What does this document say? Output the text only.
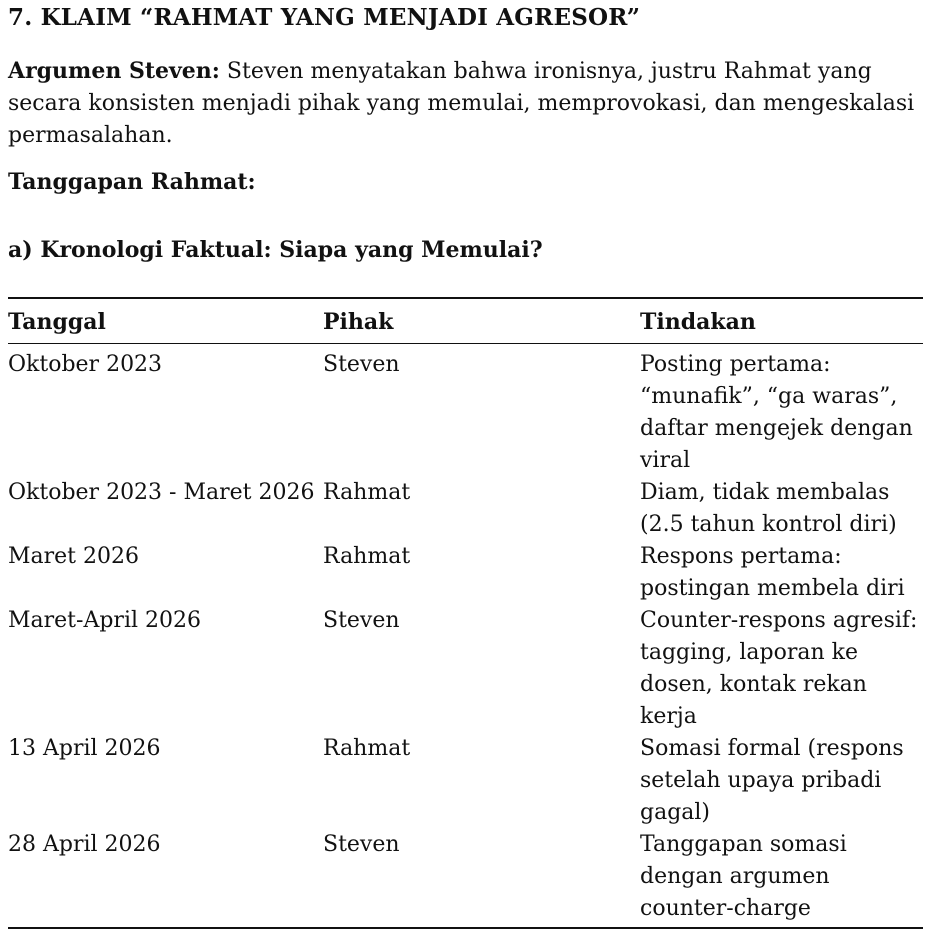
7. KLAIM “RAHMAT YANG MENJADI AGRESOR”

Argumen Steven: Steven menyatakan bahwa ironisnya, justru Rahmat yang secara konsisten menjadi pihak yang memulai, memprovokasi, dan mengeskalasi permasalahan.

Tanggapan Rahmat:

a) Kronologi Faktual: Siapa yang Memulai?
Tanggal	Pihak	Tindakan
Oktober 2023	Steven	Posting pertama: “munafik”, “ga waras”, daftar mengejek dengan viral
Oktober 2023 - Maret 2026	Rahmat	Diam, tidak membalas (2.5 tahun kontrol diri)
Maret 2026	Rahmat	Respons pertama: postingan membela diri
Maret-April 2026	Steven	Counter-respons agresif: tagging, laporan ke dosen, kontak rekan kerja
13 April 2026	Rahmat	Somasi formal (respons setelah upaya pribadi gagal)
28 April 2026	Steven	Tanggapan somasi dengan argumen counter-charge
